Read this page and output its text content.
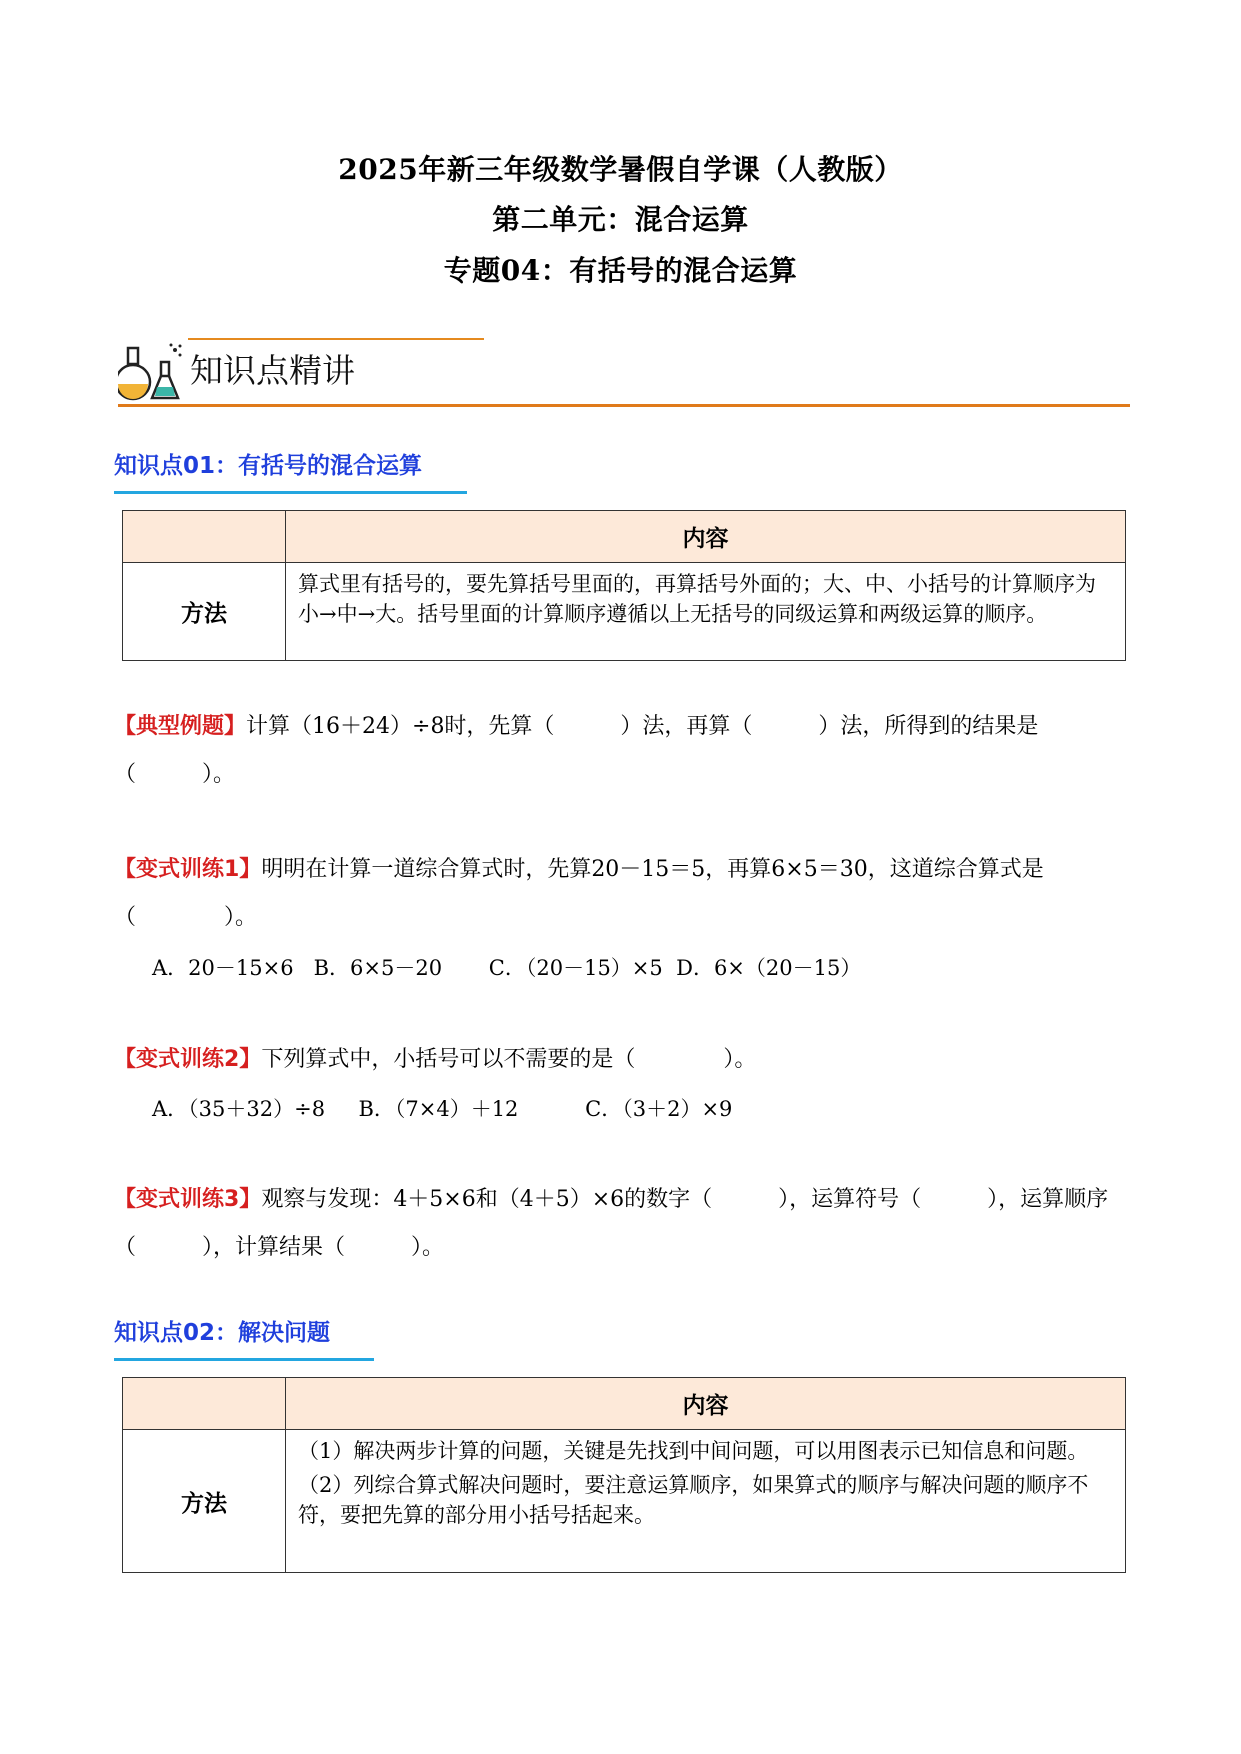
2025年新三年级数学暑假自学课（人教版）
第二单元：混合运算
专题04：有括号的混合运算
知识点精讲
知识点01：有括号的混合运算
	内容
方法	算式里有括号的，要先算括号里面的，再算括号外面的；大、中、小括号的计算顺序为小→中→大。括号里面的计算顺序遵循以上无括号的同级运算和两级运算的顺序。
【典型例题】计算（16＋24）÷8时，先算（　　　）法，再算（　　　）法，所得到的结果是（　　　）。
【变式训练1】明明在计算一道综合算式时，先算20－15＝5，再算6×5＝30，这道综合算式是（　　　　）。
A．20－15×6   B．6×5－20       C．（20－15）×5  D．6×（20－15）
【变式训练2】下列算式中，小括号可以不需要的是（　　　　）。
A．（35＋32）÷8     B．（7×4）＋12          C．（3＋2）×9
【变式训练3】观察与发现：4＋5×6和（4＋5）×6的数字（　　　），运算符号（　　　），运算顺序（　　　），计算结果（　　　）。
知识点02：解决问题
	内容
方法	（1）解决两步计算的问题，关键是先找到中间问题，可以用图表示已知信息和问题。

（2）列综合算式解决问题时，要注意运算顺序，如果算式的顺序与解决问题的顺序不符，要把先算的部分用小括号括起来。
